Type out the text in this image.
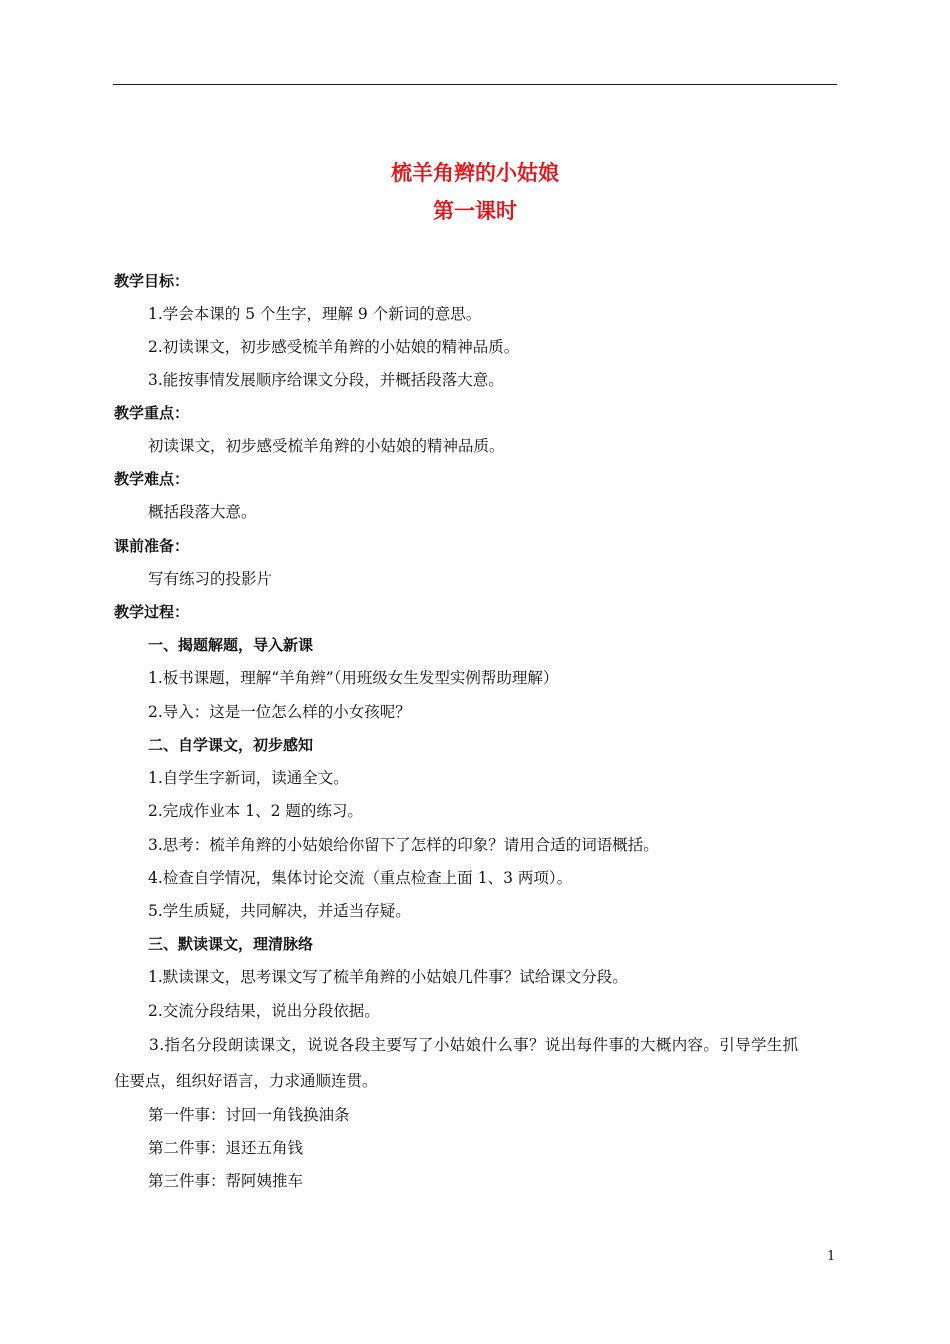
梳羊角辫的小姑娘
第一课时
教学目标：
1.学会本课的 5 个生字，理解 9 个新词的意思。
2.初读课文，初步感受梳羊角辫的小姑娘的精神品质。
3.能按事情发展顺序给课文分段，并概括段落大意。
教学重点：
初读课文，初步感受梳羊角辫的小姑娘的精神品质。
教学难点：
概括段落大意。
课前准备：
写有练习的投影片
教学过程：
一、揭题解题，导入新课
1.板书课题，理解“羊角辫”（用班级女生发型实例帮助理解）
2.导入：这是一位怎么样的小女孩呢？
二、自学课文，初步感知
1.自学生字新词，读通全文。
2.完成作业本 1、2 题的练习。
3.思考：梳羊角辫的小姑娘给你留下了怎样的印象？请用合适的词语概括。
4.检查自学情况，集体讨论交流（重点检查上面 1、3 两项）。
5.学生质疑，共同解决，并适当存疑。
三、默读课文，理清脉络
1.默读课文，思考课文写了梳羊角辫的小姑娘几件事？试给课文分段。
2.交流分段结果，说出分段依据。
3.指名分段朗读课文，说说各段主要写了小姑娘什么事？说出每件事的大概内容。引导学生抓
住要点，组织好语言，力求通顺连贯。
第一件事：讨回一角钱换油条
第二件事：退还五角钱
第三件事：帮阿姨推车
1
